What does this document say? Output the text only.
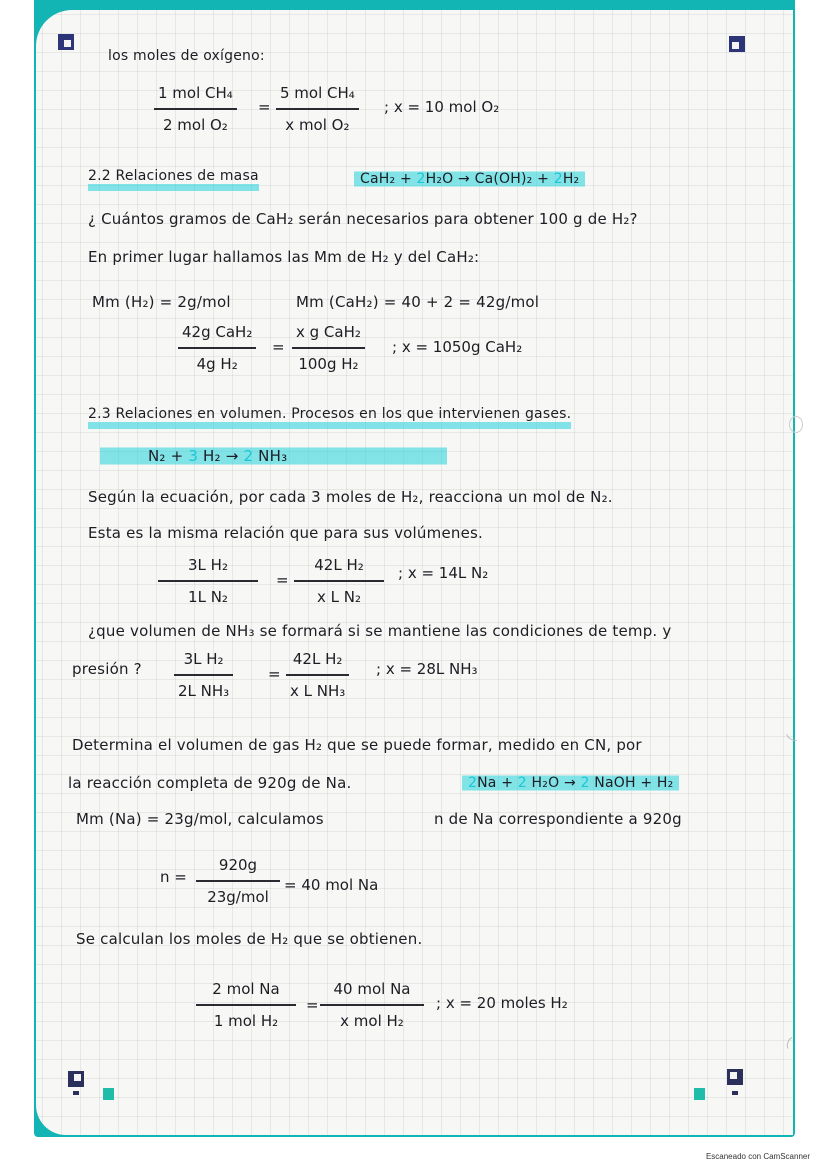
los moles de oxígeno:
1 mol CH₄
2 mol O₂
=
5 mol CH₄
x mol O₂
; x = 10 mol O₂
2.2 Relaciones de masa	CaH₂ + 2H₂O → Ca(OH)₂ + 2H₂
¿ Cuántos gramos de CaH₂ serán necesarios para obtener 100 g de H₂?
En primer lugar hallamos las Mm de H₂ y del CaH₂:
Mm (H₂) = 2g/mol	Mm (CaH₂) = 40 + 2 = 42g/mol
42g CaH₂
4g H₂
=
x g CaH₂
100g H₂
; x = 1050g CaH₂
2.3 Relaciones en volumen. Procesos en los que intervienen gases.
N₂ + 3 H₂ → 2 NH₃
Según la ecuación, por cada 3 moles de H₂, reacciona un mol de N₂.
Esta es la misma relación que para sus volúmenes.
3L H₂
1L N₂
=
42L H₂
x L N₂
; x = 14L N₂
¿que volumen de NH₃ se formará si se mantiene las condiciones de temp. y
presión ?
3L H₂
2L NH₃
=
42L H₂
x L NH₃
; x = 28L NH₃
Determina el volumen de gas H₂ que se puede formar, medido en CN, por
la reacción completa de 920g de Na.	2Na + 2 H₂O → 2 NaOH + H₂
Mm (Na) = 23g/mol, calculamos	n de Na correspondiente a 920g
n =
920g
23g/mol
= 40 mol Na
Se calculan los moles de H₂ que se obtienen.
2 mol Na
1 mol H₂
=
40 mol Na
x mol H₂
; x = 20 moles H₂
Escaneado con CamScanner
